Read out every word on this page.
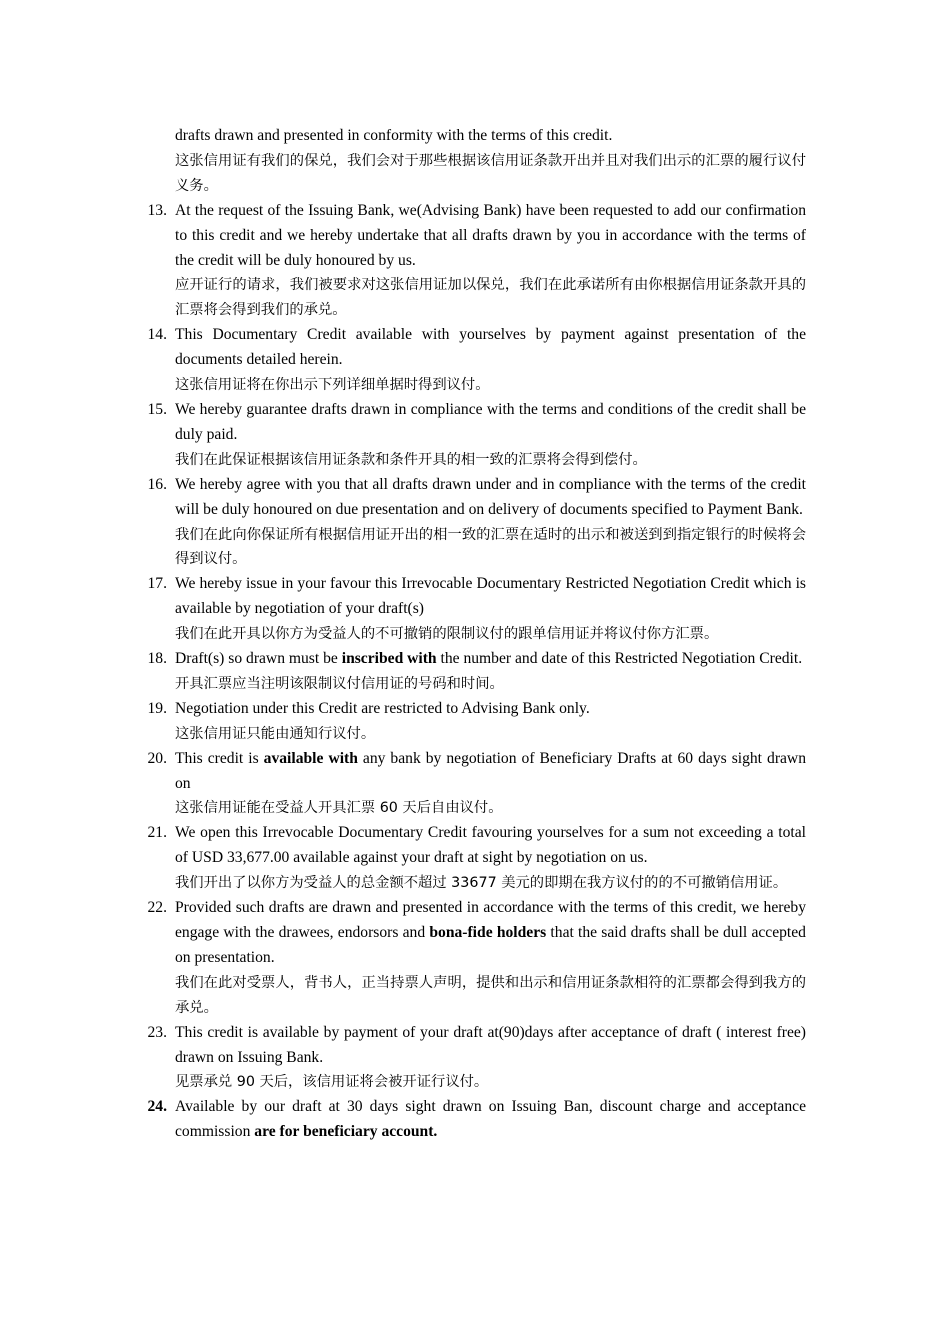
drafts drawn and presented in conformity with the terms of this credit.

这张信用证有我们的保兑，我们会对于那些根据该信用证条款开出并且对我们出示的汇票的履行议付义务。

13. At the request of the Issuing Bank, we(Advising Bank) have been requested to add our confirmation to this credit and we hereby undertake that all drafts drawn by you in accordance with the terms of the credit will be duly honoured by us.

应开证行的请求，我们被要求对这张信用证加以保兑，我们在此承诺所有由你根据信用证条款开具的汇票将会得到我们的承兑。

14. This Documentary Credit available with yourselves by payment against presentation of the documents detailed herein.

这张信用证将在你出示下列详细单据时得到议付。

15. We hereby guarantee drafts drawn in compliance with the terms and conditions of the credit shall be duly paid.

我们在此保证根据该信用证条款和条件开具的相一致的汇票将会得到偿付。

16. We hereby agree with you that all drafts drawn under and in compliance with the terms of the credit will be duly honoured on due presentation and on delivery of documents specified to Payment Bank.

我们在此向你保证所有根据信用证开出的相一致的汇票在适时的出示和被送到到指定银行的时候将会得到议付。

17. We hereby issue in your favour this Irrevocable Documentary Restricted Negotiation Credit which is available by negotiation of your draft(s)

我们在此开具以你方为受益人的不可撤销的限制议付的跟单信用证并将议付你方汇票。

18. Draft(s) so drawn must be inscribed with the number and date of this Restricted Negotiation Credit.

开具汇票应当注明该限制议付信用证的号码和时间。

19. Negotiation under this Credit are restricted to Advising Bank only.

这张信用证只能由通知行议付。

20. This credit is available with any bank by negotiation of Beneficiary Drafts at 60 days sight drawn on

这张信用证能在受益人开具汇票 60 天后自由议付。

21. We open this Irrevocable Documentary Credit favouring yourselves for a sum not exceeding a total of USD 33,677.00 available against your draft at sight by negotiation on us.

我们开出了以你方为受益人的总金额不超过 33677 美元的即期在我方议付的的不可撤销信用证。

22. Provided such drafts are drawn and presented in accordance with the terms of this credit, we hereby engage with the drawees, endorsors and bona-fide holders that the said drafts shall be dull accepted on presentation.

我们在此对受票人，背书人，正当持票人声明，提供和出示和信用证条款相符的汇票都会得到我方的承兑。

23. This credit is available by payment of your draft at(90)days after acceptance of draft ( interest free) drawn on Issuing Bank.

见票承兑 90 天后，该信用证将会被开证行议付。

24. Available by our draft at 30 days sight drawn on Issuing Ban, discount charge and acceptance commission are for beneficiary account.
